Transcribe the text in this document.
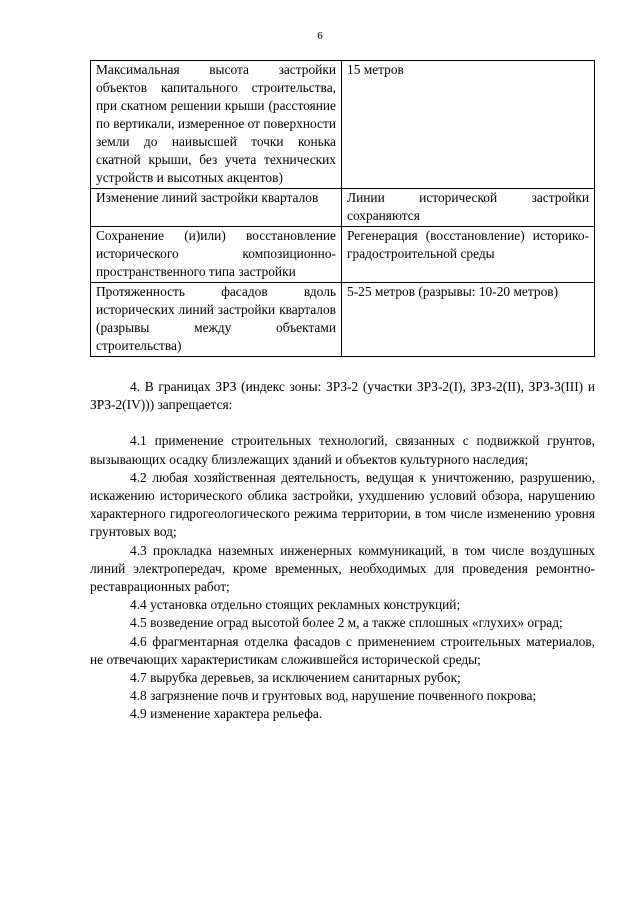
6
Максимальная высота застройки объектов капитального строительства, при скатном решении крыши (расстояние по вертикали, измеренное от поверхности земли до наивысшей точки конька скатной крыши, без учета технических устройств и высотных акцентов)	15 метров
Изменение линий застройки кварталов	Линии исторической застройки сохраняются
Сохранение (и)или) восстановление исторического композиционно-пространственного типа застройки	Регенерация (восстановление) историко- градостроительной среды
Протяженность фасадов вдоль исторических линий застройки кварталов (разрывы между объектами строительства)	5-25 метров (разрывы: 10-20 метров)

4. В границах ЗРЗ (индекс зоны: ЗРЗ-2 (участки ЗРЗ-2(I), ЗРЗ-2(II), ЗРЗ-3(III) и ЗРЗ-2(IV))) запрещается:

4.1 применение строительных технологий, связанных с подвижкой грунтов, вызывающих осадку близлежащих зданий и объектов культурного наследия;

4.2 любая хозяйственная деятельность, ведущая к уничтожению, разрушению, искажению исторического облика застройки, ухудшению условий обзора, нарушению характерного гидрогеологического режима территории, в том числе изменению уровня грунтовых вод;

4.3 прокладка наземных инженерных коммуникаций, в том числе воздушных линий электропередач, кроме временных, необходимых для проведения ремонтно-реставрационных работ;

4.4 установка отдельно стоящих рекламных конструкций;

4.5 возведение оград высотой более 2 м, а также сплошных «глухих» оград;

4.6 фрагментарная отделка фасадов с применением строительных материалов, не отвечающих характеристикам сложившейся исторической среды;

4.7 вырубка деревьев, за исключением санитарных рубок;

4.8 загрязнение почв и грунтовых вод, нарушение почвенного покрова;

4.9 изменение характера рельефа.
